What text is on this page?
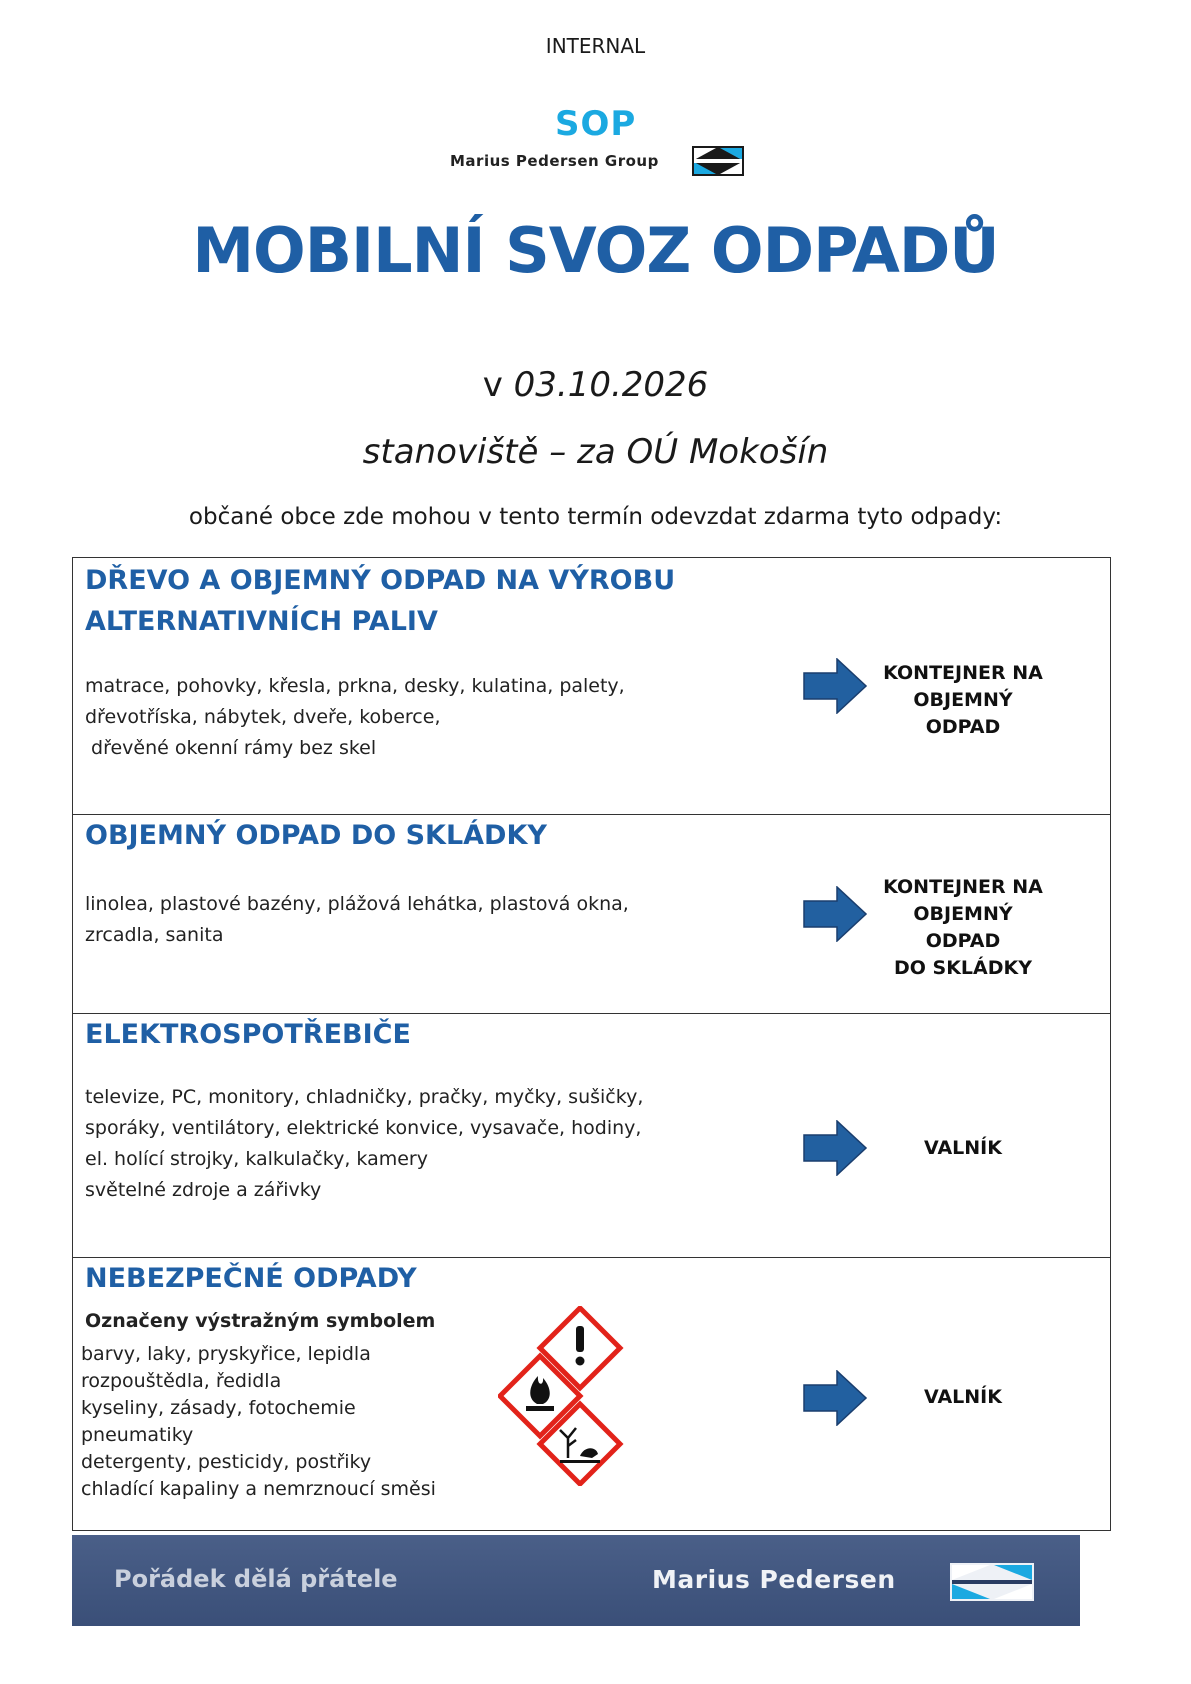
INTERNAL
SOP
Marius Pedersen Group
MOBILNÍ SVOZ ODPADŮ
v 03.10.2026
stanoviště – za OÚ Mokošín
občané obce zde mohou v tento termín odevzdat zdarma tyto odpady:
DŘEVO A OBJEMNÝ ODPAD NA VÝROBU
ALTERNATIVNÍCH PALIV
matrace, pohovky, křesla, prkna, desky, kulatina, palety,
dřevotříska, nábytek, dveře, koberce,
dřevěné okenní rámy bez skel
KONTEJNER NA
OBJEMNÝ ODPAD
OBJEMNÝ ODPAD DO SKLÁDKY
linolea, plastové bazény, plážová lehátka, plastová okna,
zrcadla, sanita
KONTEJNER NA
OBJEMNÝ ODPAD
DO SKLÁDKY
ELEKTROSPOTŘEBIČE
televize, PC, monitory, chladničky, pračky, myčky, sušičky,
sporáky, ventilátory, elektrické konvice, vysavače, hodiny,
el. holící strojky, kalkulačky, kamery
světelné zdroje a zářivky
VALNÍK
NEBEZPEČNÉ ODPADY
Označeny výstražným symbolem
barvy, laky, pryskyřice, lepidla
rozpouštědla, ředidla
kyseliny, zásady, fotochemie
pneumatiky
detergenty, pesticidy, postřiky
chladící kapaliny a nemrznoucí směsi
VALNÍK
Pořádek dělá přátele	Marius Pedersen
